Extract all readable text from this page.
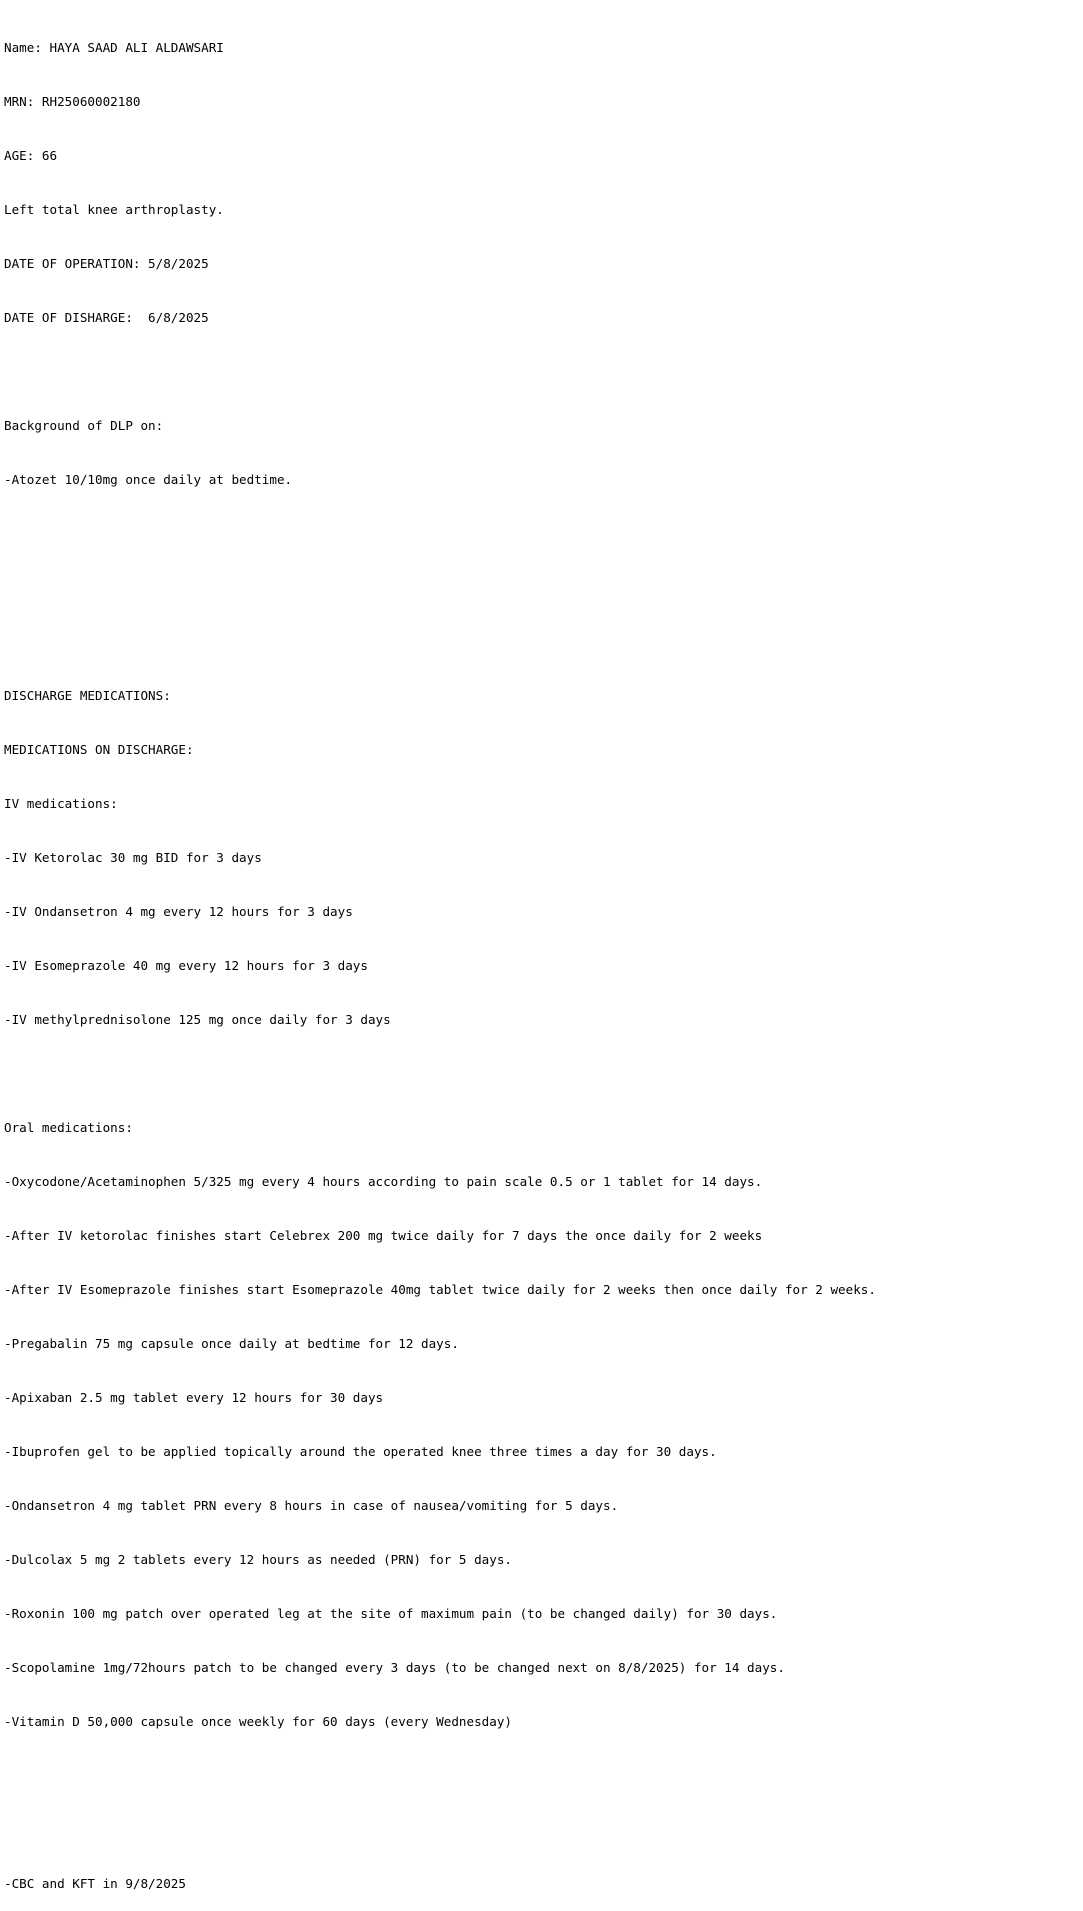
Name: HAYA SAAD ALI ALDAWSARI

MRN: RH25060002180

AGE: 66

Left total knee arthroplasty.

DATE OF OPERATION: 5/8/2025

DATE OF DISHARGE:  6/8/2025

Background of DLP on:

-Atozet 10/10mg once daily at bedtime.

DISCHARGE MEDICATIONS:

MEDICATIONS ON DISCHARGE:

IV medications:

-IV Ketorolac 30 mg BID for 3 days

-IV Ondansetron 4 mg every 12 hours for 3 days

-IV Esomeprazole 40 mg every 12 hours for 3 days

-IV methylprednisolone 125 mg once daily for 3 days

Oral medications:

-Oxycodone/Acetaminophen 5/325 mg every 4 hours according to pain scale 0.5 or 1 tablet for 14 days.

-After IV ketorolac finishes start Celebrex 200 mg twice daily for 7 days the once daily for 2 weeks

-After IV Esomeprazole finishes start Esomeprazole 40mg tablet twice daily for 2 weeks then once daily for 2 weeks.

-Pregabalin 75 mg capsule once daily at bedtime for 12 days.

-Apixaban 2.5 mg tablet every 12 hours for 30 days

-Ibuprofen gel to be applied topically around the operated knee three times a day for 30 days.

-Ondansetron 4 mg tablet PRN every 8 hours in case of nausea/vomiting for 5 days.

-Dulcolax 5 mg 2 tablets every 12 hours as needed (PRN) for 5 days.

-Roxonin 100 mg patch over operated leg at the site of maximum pain (to be changed daily) for 30 days.

-Scopolamine 1mg/72hours patch to be changed every 3 days (to be changed next on 8/8/2025) for 14 days.

-Vitamin D 50,000 capsule once weekly for 60 days (every Wednesday)

-CBC and KFT in 9/8/2025
